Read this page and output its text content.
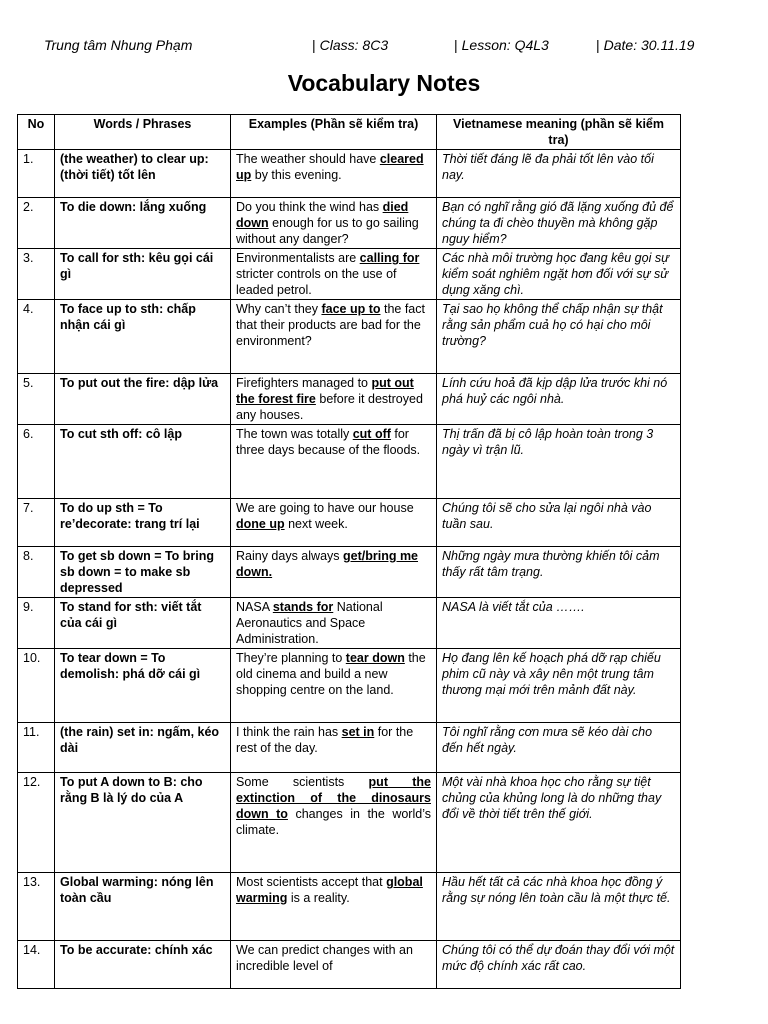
Trung tâm Nhung Phạm	| Class: 8C3	| Lesson: Q4L3	| Date: 30.11.19
Vocabulary Notes
No	Words / Phrases	Examples (Phần sẽ kiểm tra)	Vietnamese meaning (phần sẽ kiểm tra)
1.	(the weather) to clear up: (thời tiết) tốt lên	The weather should have cleared up by this evening.	Thời tiết đáng lẽ đa phải tốt lên vào tối nay.
2.	To die down: lắng xuống	Do you think the wind has died down enough for us to go sailing without any danger?	Bạn có nghĩ rằng gió đã lặng xuống đủ để chúng ta đi chèo thuyền mà không gặp nguy hiểm?
3.	To call for sth: kêu gọi cái gì	Environmentalists are calling for stricter controls on the use of leaded petrol.	Các nhà môi trường học đang kêu gọi sự kiểm soát nghiêm ngặt hơn đối với sự sử dụng xăng chì.
4.	To face up to sth: chấp nhận cái gì	Why can’t they face up to the fact that their products are bad for the environment?	Tại sao họ không thể chấp nhận sự thật rằng sản phẩm cuả họ có hại cho môi trường?
5.	To put out the fire: dập lửa	Firefighters managed to put out the forest fire before it destroyed any houses.	Lính cứu hoả đã kịp dập lửa trước khi nó phá huỷ các ngôi nhà.
6.	To cut sth off: cô lập	The town was totally cut off for three days because of the floods.	Thị trấn đã bị cô lập hoàn toàn trong 3 ngày vì trận lũ.
7.	To do up sth = To re’decorate: trang trí lại	We are going to have our house done up next week.	Chúng tôi sẽ cho sửa lại ngôi nhà vào tuần sau.
8.	To get sb down = To bring sb down = to make sb depressed	Rainy days always get/bring me down.	Những ngày mưa thường khiến tôi cảm thấy rất tâm trạng.
9.	To stand for sth: viết tắt của cái gì	NASA stands for National Aeronautics and Space Administration.	NASA là viết tắt của …….
10.	To tear down = To demolish: phá dỡ cái gì	They’re planning to tear down the old cinema and build a new shopping centre on the land.	Họ đang lên kế hoạch phá dỡ rạp chiếu phim cũ này và xây nên một trung tâm thương mại mới trên mảnh đất này.
11.	(the rain) set in: ngấm, kéo dài	I think the rain has set in for the rest of the day.	Tôi nghĩ rằng cơn mưa sẽ kéo dài cho đến hết ngày.
12.	To put A down to B: cho rằng B là lý do của A	Some scientists put the extinction of the dinosaurs down to changes in the world’s climate.	Một vài nhà khoa học cho rằng sự tiệt chủng của khủng long là do những thay đổi về thời tiết trên thế giới.
13.	Global warming: nóng lên toàn cầu	Most scientists accept that global warming is a reality.	Hầu hết tất cả các nhà khoa học đồng ý rằng sự nóng lên toàn cầu là một thực tế.
14.	To be accurate: chính xác	We can predict changes with an incredible level of	Chúng tôi có thể dự đoán thay đổi với một mức độ chính xác rất cao.
